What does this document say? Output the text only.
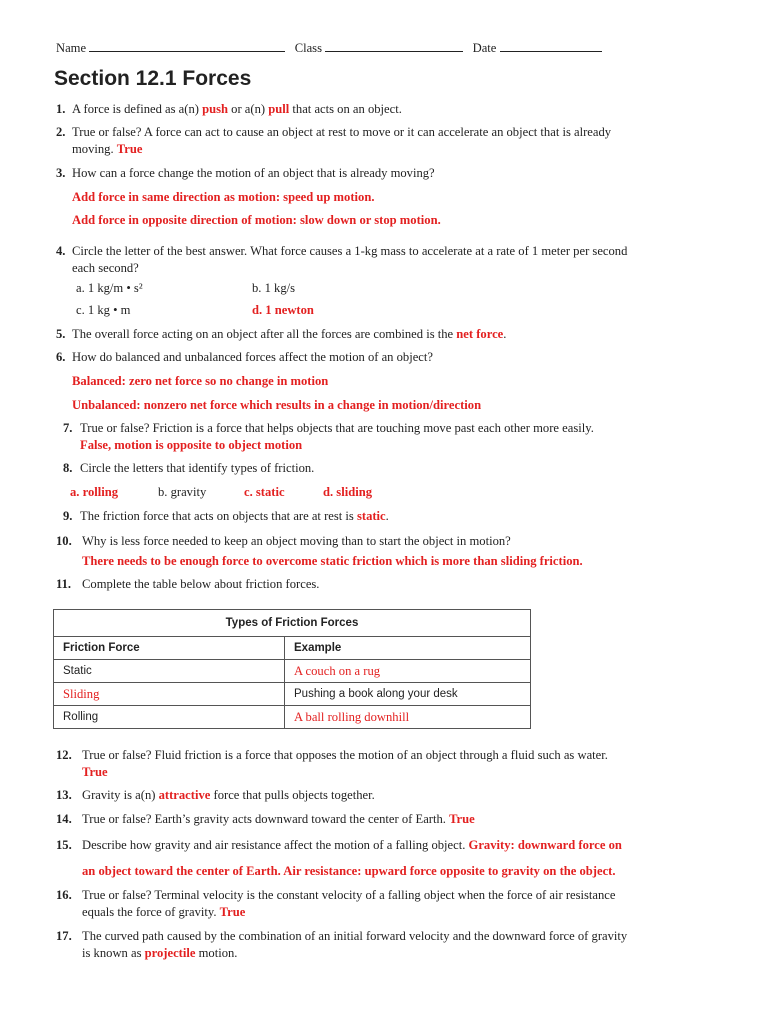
Name	Class	Date
Section 12.1 Forces
1. A force is defined as a(n) push or a(n) pull that acts on an object.
2. True or false? A force can act to cause an object at rest to move or it can accelerate an object that is already
moving. True
3. How can a force change the motion of an object that is already moving?
Add force in same direction as motion: speed up motion.
Add force in opposite direction of motion: slow down or stop motion.
4. Circle the letter of the best answer. What force causes a 1-kg mass to accelerate at a rate of 1 meter per second
each second?
a. 1 kg/m • s²	b. 1 kg/s
c. 1 kg • m	d. 1 newton
5. The overall force acting on an object after all the forces are combined is the net force.
6. How do balanced and unbalanced forces affect the motion of an object?
Balanced: zero net force so no change in motion
Unbalanced: nonzero net force which results in a change in motion/direction
7. True or false? Friction is a force that helps objects that are touching move past each other more easily.
False, motion is opposite to object motion
8. Circle the letters that identify types of friction.
a. rolling	b. gravity	c. static	d. sliding
9. The friction force that acts on objects that are at rest is static.
10. Why is less force needed to keep an object moving than to start the object in motion?
There needs to be enough force to overcome static friction which is more than sliding friction.
11. Complete the table below about friction forces.
Types of Friction Forces	
Friction Force	Example
Static	A couch on a rug
Sliding	Pushing a book along your desk
Rolling	A ball rolling downhill
12. True or false? Fluid friction is a force that opposes the motion of an object through a fluid such as water.
True
13. Gravity is a(n) attractive force that pulls objects together.
14. True or false? Earth’s gravity acts downward toward the center of Earth. True
15. Describe how gravity and air resistance affect the motion of a falling object. Gravity: downward force on
an object toward the center of Earth. Air resistance: upward force opposite to gravity on the object.
16. True or false? Terminal velocity is the constant velocity of a falling object when the force of air resistance
equals the force of gravity. True
17. The curved path caused by the combination of an initial forward velocity and the downward force of gravity
is known as projectile motion.
